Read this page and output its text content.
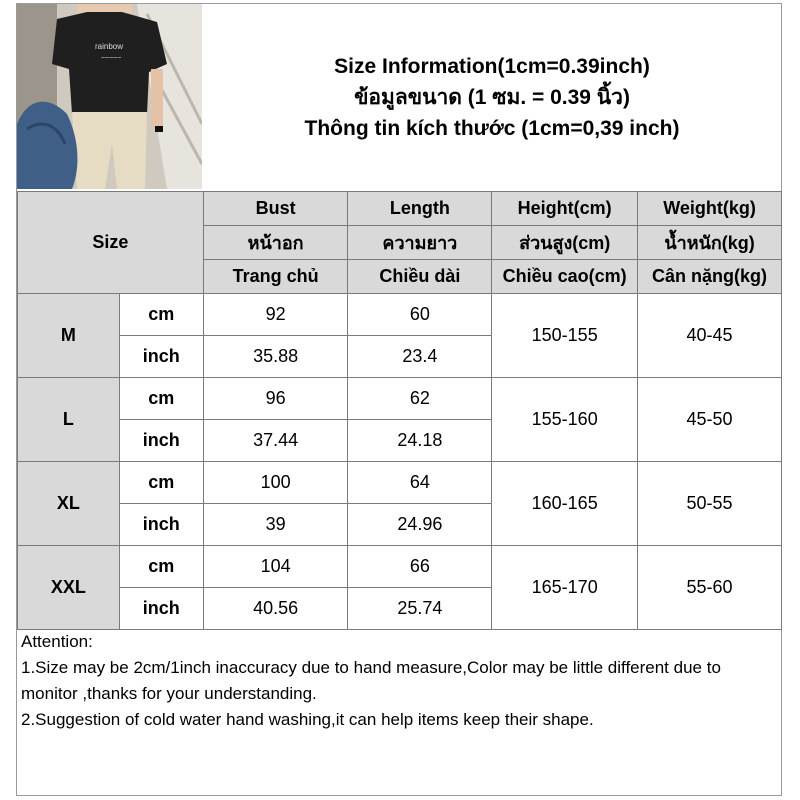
rainbow
~~~~~	Size Information(1cm=0.39inch)
ข้อมูลขนาด (1 ซม. = 0.39 นิ้ว)
Thông tin kích thước (1cm=0,39 inch)
Size		Bust	Length	Height(cm)	Weight(kg)
		หน้าอก	ความยาว	ส่วนสูง(cm)	น้ำหนัก(kg)
		Trang chủ	Chiều dài	Chiều cao(cm)	Cân nặng(kg)
M	cm	92	60	150-155	40-45
	inch	35.88	23.4		
L	cm	96	62	155-160	45-50
	inch	37.44	24.18		
XL	cm	100	64	160-165	50-55
	inch	39	24.96		
XXL	cm	104	66	165-170	55-60
	inch	40.56	25.74		
Attention:
1.Size may be 2cm/1inch inaccuracy due to hand measure,Color may be little different due to monitor ,thanks for your understanding.
2.Suggestion of cold water hand washing,it can help items keep their shape.
